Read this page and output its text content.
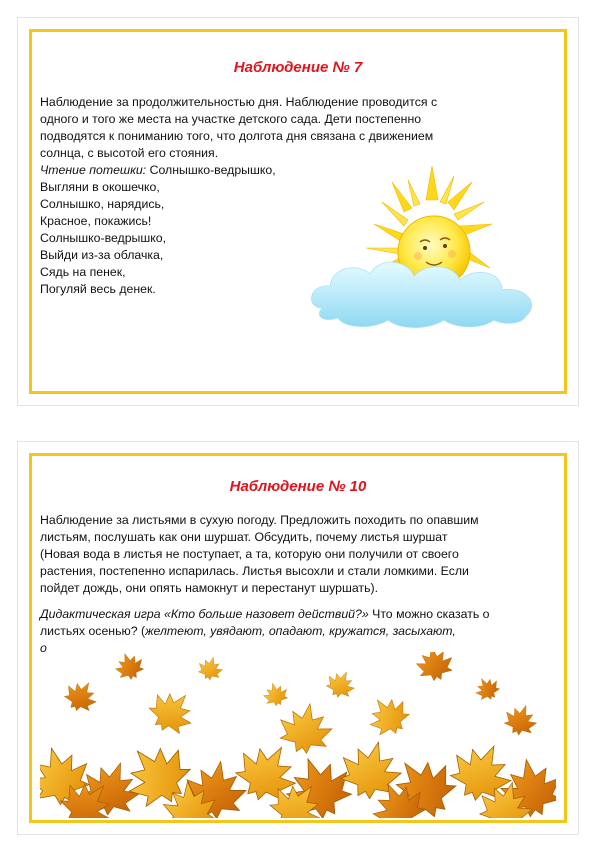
Наблюдение № 7
Наблюдение за продолжительностью дня. Наблюдение проводится с
одного и того же места на участке детского сада. Дети постепенно
подводятся к пониманию того, что долгота дня связана с движением
солнца, с высотой его стояния.
Чтение потешки: Солнышко-ведрышко,
Выгляни в окошечко,
Солнышко, нарядись,
Красное, покажись!
Солнышко-ведрышко,
Выйди из-за облачка,
Сядь на пенек,
Погуляй весь денек.
Наблюдение № 10
Наблюдение за листьями в сухую погоду. Предложить походить по опавшим
листьям, послушать как они шуршат. Обсудить, почему листья шуршат
(Новая вода в листья не поступает, а та, которую они получили от своего
растения, постепенно испарилась. Листья высохли и стали ломкими. Если
пойдет дождь, они опять намокнут и перестанут шуршать).
Дидактическая игра «Кто больше назовет действий?» Что можно сказать о
листьях осенью? (желтеют, увядают, опадают, кружатся, засыхают,
о
